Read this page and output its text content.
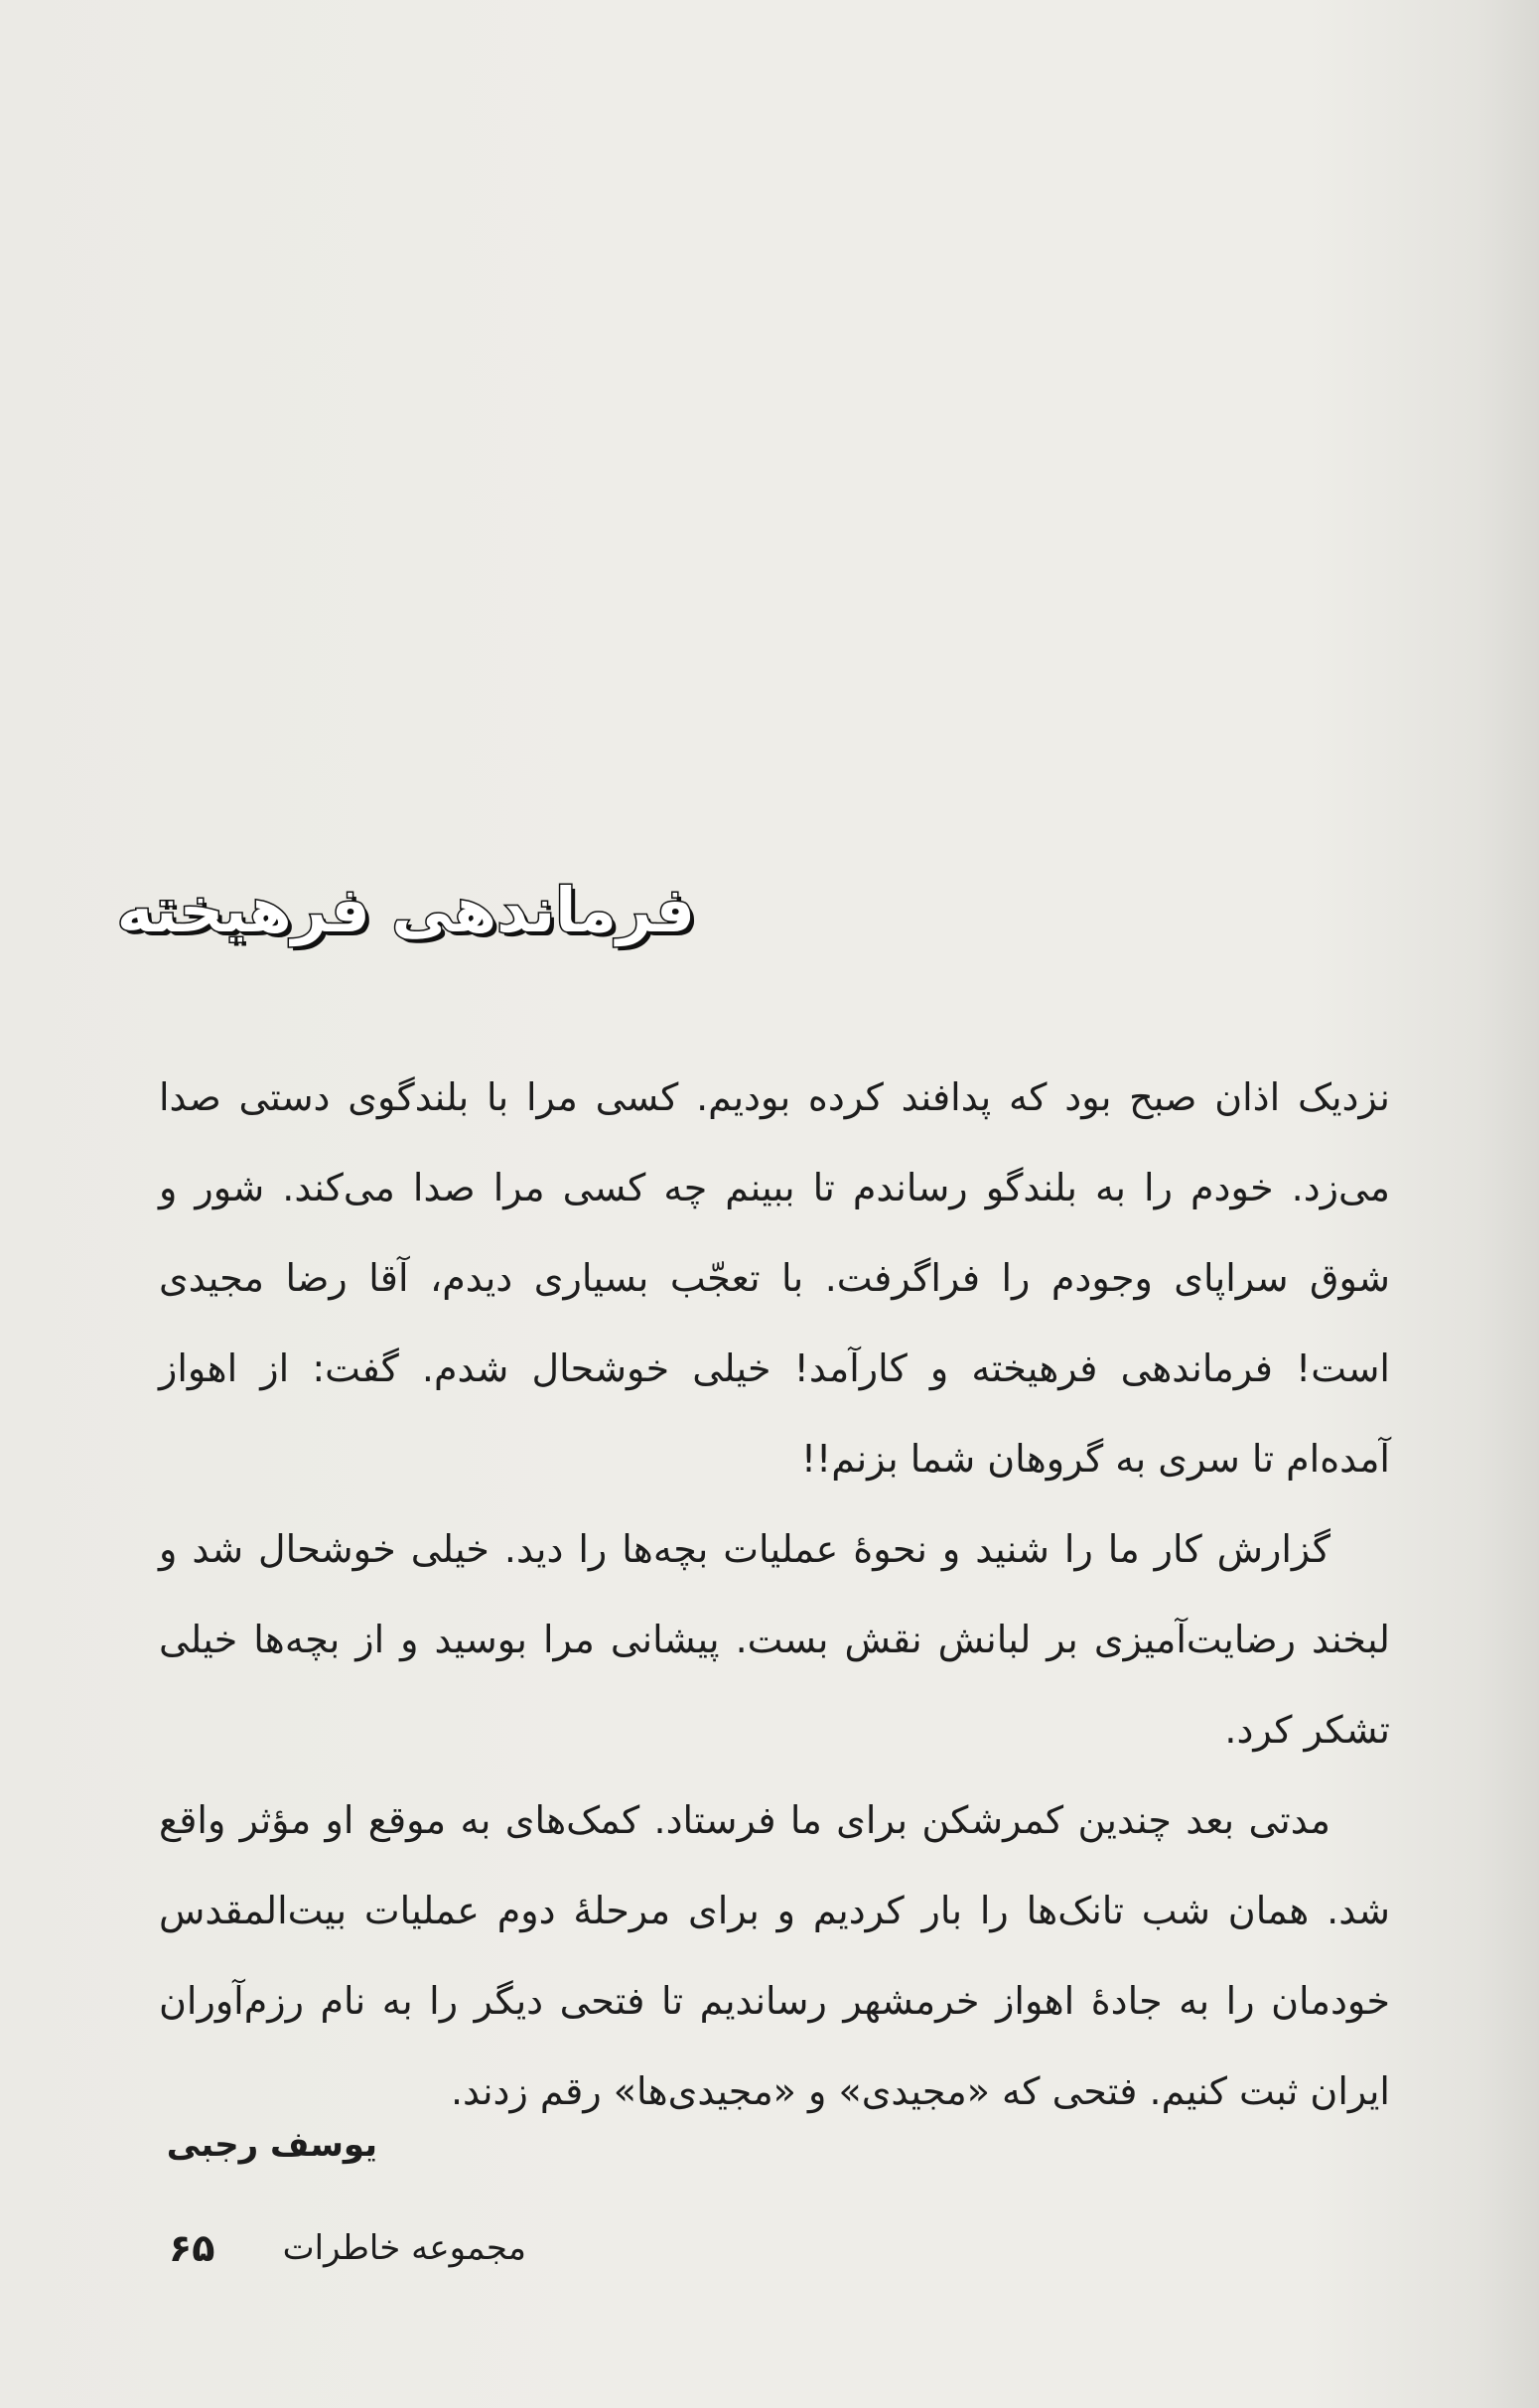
فرماندهی فرهیخته

نزدیک اذان صبح بود که پدافند کرده بودیم. کسی مرا با بلندگوی دستی صدا می‌زد. خودم را به بلندگو رساندم تا ببینم چه کسی مرا صدا می‌کند. شور و شوق سراپای وجودم را فراگرفت. با تعجّب بسیاری دیدم، آقا رضا مجیدی است! فرماندهی فرهیخته و کارآمد! خیلی خوشحال شدم. گفت: از اهواز آمده‌ام تا سری به گروهان شما بزنم!!

گزارش کار ما را شنید و نحوهٔ عملیات بچه‌ها را دید. خیلی خوشحال شد و لبخند رضایت‌آمیزی بر لبانش نقش بست. پیشانی مرا بوسید و از بچه‌ها خیلی تشکر کرد.

مدتی بعد چندین کمرشکن برای ما فرستاد. کمک‌های به موقع او مؤثر واقع شد. همان شب تانک‌ها را بار کردیم و برای مرحلهٔ دوم عملیات بیت‌المقدس خودمان را به جادهٔ اهواز خرمشهر رساندیم تا فتحی دیگر را به نام رزم‌آوران ایران ثبت کنیم. فتحی که «مجیدی» و «مجیدی‌ها» رقم زدند.

یوسف رجبی
۶۵ مجموعه خاطرات
